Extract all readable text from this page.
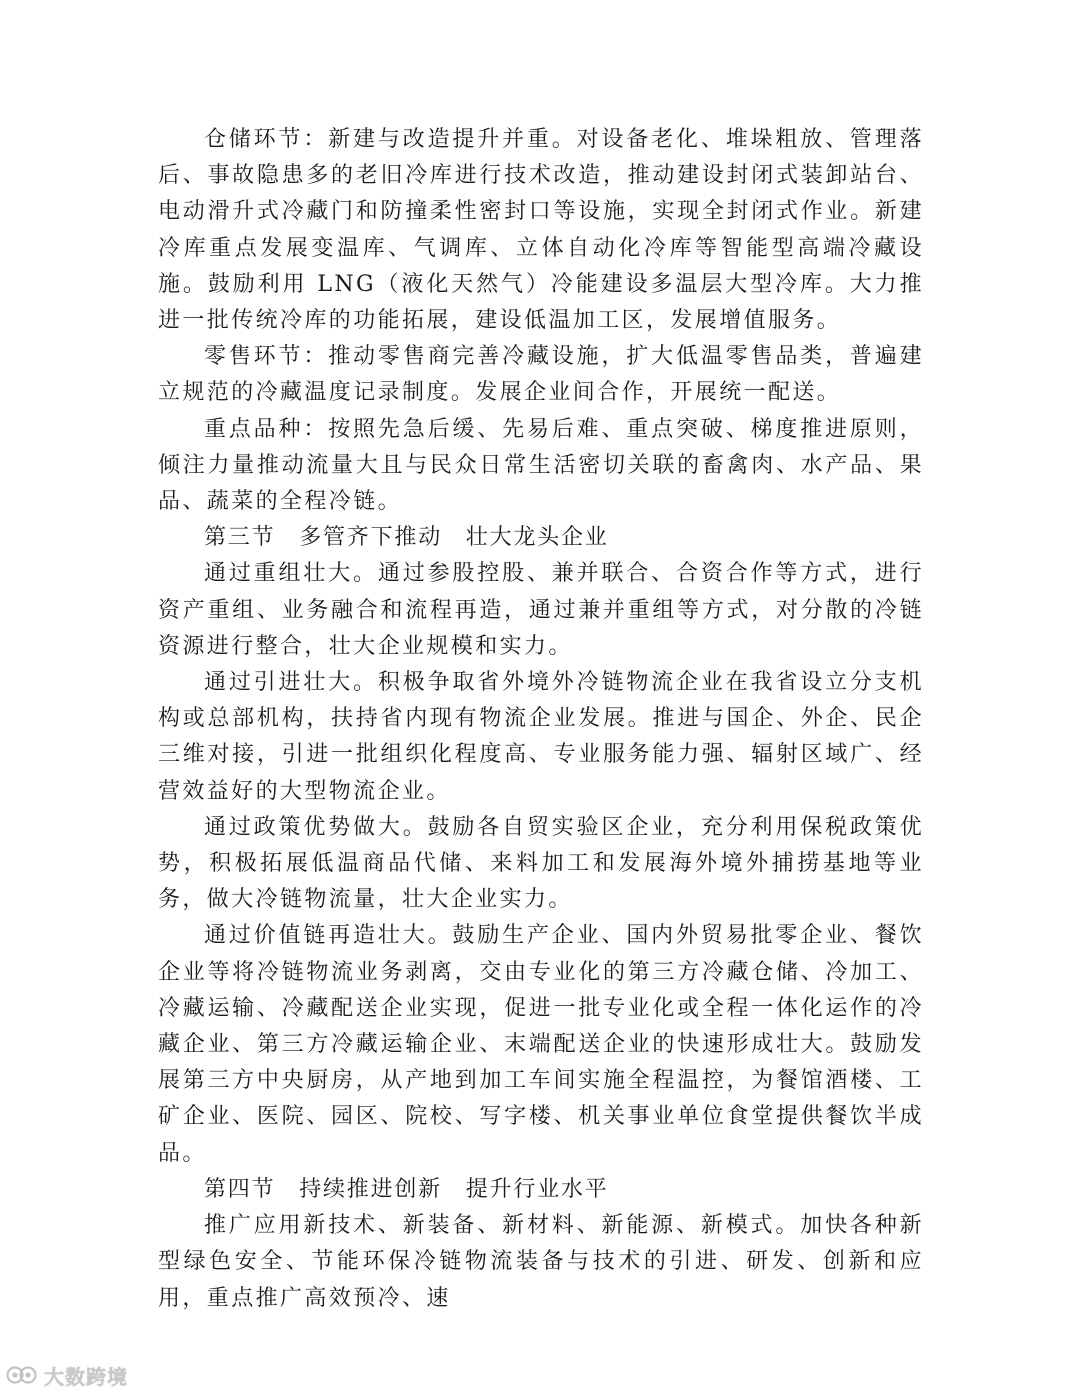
仓储环节：新建与改造提升并重。对设备老化、堆垛粗放、管理落后、事故隐患多的老旧冷库进行技术改造，推动建设封闭式装卸站台、电动滑升式冷藏门和防撞柔性密封口等设施，实现全封闭式作业。新建冷库重点发展变温库、气调库、立体自动化冷库等智能型高端冷藏设施。鼓励利用 LNG（液化天然气）冷能建设多温层大型冷库。大力推进一批传统冷库的功能拓展，建设低温加工区，发展增值服务。

零售环节：推动零售商完善冷藏设施，扩大低温零售品类，普遍建立规范的冷藏温度记录制度。发展企业间合作，开展统一配送。

重点品种：按照先急后缓、先易后难、重点突破、梯度推进原则，倾注力量推动流量大且与民众日常生活密切关联的畜禽肉、水产品、果品、蔬菜的全程冷链。

第三节　多管齐下推动　壮大龙头企业

通过重组壮大。通过参股控股、兼并联合、合资合作等方式，进行资产重组、业务融合和流程再造，通过兼并重组等方式，对分散的冷链资源进行整合，壮大企业规模和实力。

通过引进壮大。积极争取省外境外冷链物流企业在我省设立分支机构或总部机构，扶持省内现有物流企业发展。推进与国企、外企、民企三维对接，引进一批组织化程度高、专业服务能力强、辐射区域广、经营效益好的大型物流企业。

通过政策优势做大。鼓励各自贸实验区企业，充分利用保税政策优势，积极拓展低温商品代储、来料加工和发展海外境外捕捞基地等业务，做大冷链物流量，壮大企业实力。

通过价值链再造壮大。鼓励生产企业、国内外贸易批零企业、餐饮企业等将冷链物流业务剥离，交由专业化的第三方冷藏仓储、冷加工、冷藏运输、冷藏配送企业实现，促进一批专业化或全程一体化运作的冷藏企业、第三方冷藏运输企业、末端配送企业的快速形成壮大。鼓励发展第三方中央厨房，从产地到加工车间实施全程温控，为餐馆酒楼、工矿企业、医院、园区、院校、写字楼、机关事业单位食堂提供餐饮半成品。

第四节　持续推进创新　提升行业水平

推广应用新技术、新装备、新材料、新能源、新模式。加快各种新型绿色安全、节能环保冷链物流装备与技术的引进、研发、创新和应用，重点推广高效预冷、速

大数跨境
